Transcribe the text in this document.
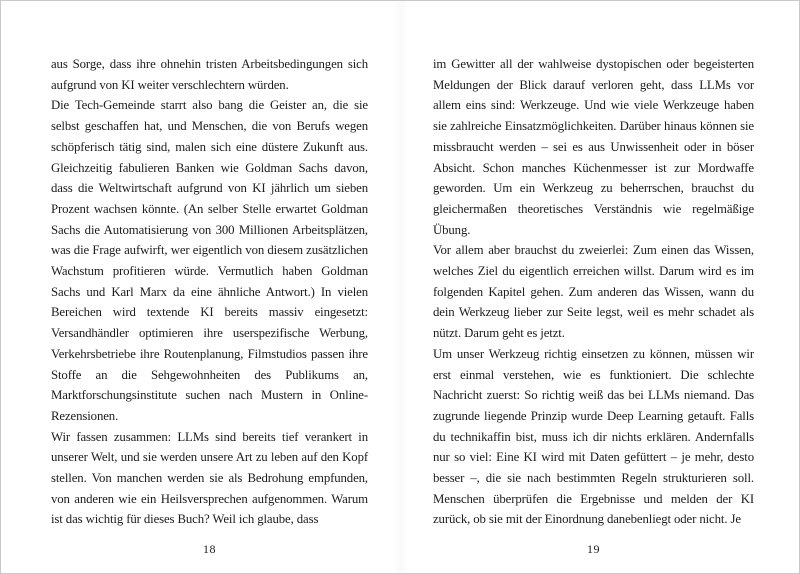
aus Sorge, dass ihre ohnehin tristen Arbeitsbedingungen sich aufgrund von KI weiter verschlechtern würden.

Die Tech-Gemeinde starrt also bang die Geister an, die sie selbst geschaffen hat, und Menschen, die von Berufs wegen schöpferisch tätig sind, malen sich eine düstere Zukunft aus. Gleichzeitig fabulieren Banken wie Goldman Sachs davon, dass die Weltwirtschaft aufgrund von KI jährlich um sieben Prozent wachsen könnte. (An selber Stelle erwartet Goldman Sachs die Automatisierung von 300 Millionen Arbeitsplätzen, was die Frage aufwirft, wer eigentlich von diesem zusätzlichen Wachstum profitieren würde. Vermutlich haben Goldman Sachs und Karl Marx da eine ähnliche Antwort.) In vielen Bereichen wird textende KI bereits massiv eingesetzt: Versandhändler optimieren ihre userspezifische Werbung, Verkehrsbetriebe ihre Routenplanung, Filmstudios passen ihre Stoffe an die Sehgewohnheiten des Publikums an, Marktforschungsinstitute suchen nach Mustern in Online-Rezensionen.

Wir fassen zusammen: LLMs sind bereits tief verankert in unserer Welt, und sie werden unsere Art zu leben auf den Kopf stellen. Von manchen werden sie als Bedrohung empfunden, von anderen wie ein Heilsversprechen aufgenommen. Warum ist das wichtig für dieses Buch? Weil ich glaube, dass

18

im Gewitter all der wahlweise dystopischen oder begeisterten Meldungen der Blick darauf verloren geht, dass LLMs vor allem eins sind: Werkzeuge. Und wie viele Werkzeuge haben sie zahlreiche Einsatzmöglichkeiten. Darüber hinaus können sie missbraucht werden – sei es aus Unwissenheit oder in böser Absicht. Schon manches Küchenmesser ist zur Mordwaffe geworden. Um ein Werkzeug zu beherrschen, brauchst du gleichermaßen theoretisches Verständnis wie regelmäßige Übung.

Vor allem aber brauchst du zweierlei: Zum einen das Wissen, welches Ziel du eigentlich erreichen willst. Darum wird es im folgenden Kapitel gehen. Zum anderen das Wissen, wann du dein Werkzeug lieber zur Seite legst, weil es mehr schadet als nützt. Darum geht es jetzt.

Um unser Werkzeug richtig einsetzen zu können, müssen wir erst einmal verstehen, wie es funktioniert. Die schlechte Nachricht zuerst: So richtig weiß das bei LLMs niemand. Das zugrunde liegende Prinzip wurde Deep Learning getauft. Falls du technikaffin bist, muss ich dir nichts erklären. Andernfalls nur so viel: Eine KI wird mit Daten gefüttert – je mehr, desto besser –, die sie nach bestimmten Regeln strukturieren soll. Menschen überprüfen die Ergebnisse und melden der KI zurück, ob sie mit der Einordnung danebenliegt oder nicht. Je

19
